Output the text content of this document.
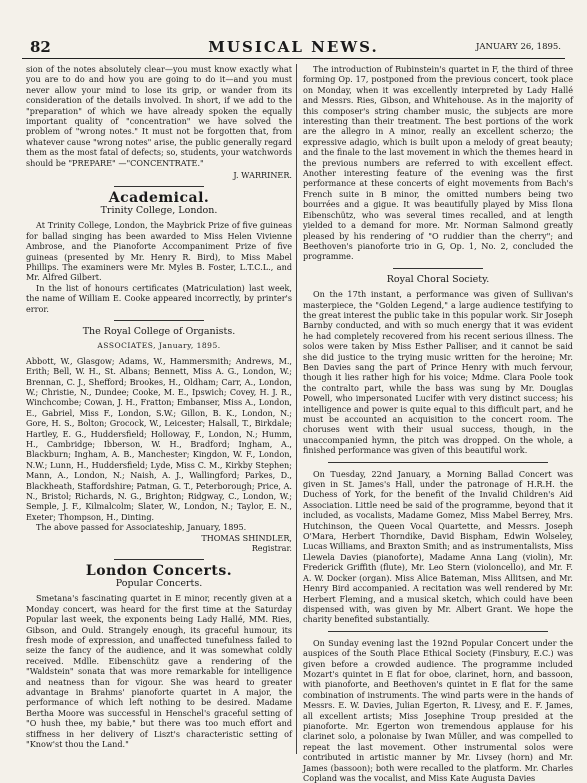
82	MUSICAL NEWS.	JANUARY 26, 1895.

sion of the notes absolutely clear—you must know exactly what you are to do and how you are going to do it—and you must never allow your mind to lose its grip, or wander from its consideration of the details involved. In short, if we add to the "preparation" of which we have already spoken the equally important quality of "concentration" we have solved the problem of "wrong notes." It must not be forgotten that, from whatever cause "wrong notes" arise, the public generally regard them as the most fatal of defects; so, students, your watchwords should be "PREPARE" —"CONCENTRATE."

J. WARRINER.
Academical.
Trinity College, London.

At Trinity College, London, the Maybrick Prize of five guineas for ballad singing has been awarded to Miss Helen Vivienne Ambrose, and the Pianoforte Accompaniment Prize of five guineas (presented by Mr. Henry R. Bird), to Miss Mabel Phillips. The examiners were Mr. Myles B. Foster, L.T.C.L., and Mr. Alfred Gilbert.

In the list of honours certificates (Matriculation) last week, the name of William E. Cooke appeared incorrectly, by printer's error.

The Royal College of Organists.
ASSOCIATES, January, 1895.

Abbott, W., Glasgow; Adams, W., Hammersmith; Andrews, M., Erith; Bell, W. H., St. Albans; Bennett, Miss A. G., London, W.; Brennan, C. J., Shefford; Brookes, H., Oldham; Carr, A., London, W.; Christie, N., Dundee; Cooke, M. E., Ipswich; Covey, H. J. R., Winchcombe; Cowan, J. H., Fratton; Embanser, Miss A., London, E., Gabriel, Miss F., London, S.W.; Gillon, B. K., London, N.; Gore, H. S., Bolton; Grocock, W., Leicester; Halsall, T., Birkdale; Hartley, E. G., Huddersfield; Holloway, F., London, N.; Humm, H., Cambridge; Ibberson, W. H., Bradford; Ingham, A., Blackburn; Ingham, A. B., Manchester; Kingdon, W. F., London, N.W.; Lunn, H., Huddersfield; Lyde, Miss C. M., Kirkby Stephen; Mann, A., London, N.; Naish, A. J., Wallingford; Parkes, D., Blackheath, Staffordshire; Patman, G. T., Peterborough; Price, A. N., Bristol; Richards, N. G., Brighton; Ridgway, C., London, W.; Semple, J. F., Kilmalcolm; Slater, W., London, N.; Taylor, E. N., Exeter; Thompson, H., Dinting.

The above passed for Associateship, January, 1895.

THOMAS SHINDLER,
Registrar.
London Concerts.
Popular Concerts.

Smetana's fascinating quartet in E minor, recently given at a Monday concert, was heard for the first time at the Saturday Popular last week, the exponents being Lady Hallé, MM. Ries, Gibson, and Ould. Strangely enough, its graceful humour, its fresh mode of expression, and unaffected tunefulness failed to seize the fancy of the audience, and it was somewhat coldly received. Mdlle. Eibenschütz gave a rendering of the "Waldstein" sonata that was more remarkable for intelligence and neatness than for vigour. She was heard to greater advantage in Brahms' pianoforte quartet in A major, the performance of which left nothing to be desired. Madame Bertha Moore was successful in Henschel's graceful setting of "O hush thee, my babie," but there was too much effort and stiffness in her delivery of Liszt's characteristic setting of "Know'st thou the Land."

The introduction of Rubinstein's quartet in F, the third of three forming Op. 17, postponed from the previous concert, took place on Monday, when it was excellently interpreted by Lady Hallé and Messrs. Ries, Gibson, and Whitehouse. As in the majority of this composer's string chamber music, the subjects are more interesting than their treatment. The best portions of the work are the allegro in A minor, really an excellent scherzo; the expressive adagio, which is built upon a melody of great beauty; and the finale to the last movement in which the themes heard in the previous numbers are referred to with excellent effect. Another interesting feature of the evening was the first performance at these concerts of eight movements from Bach's French suite in B minor, the omitted numbers being two bourrées and a gigue. It was beautifully played by Miss Ilona Eibenschütz, who was several times recalled, and at length yielded to a demand for more. Mr. Norman Salmond greatly pleased by his rendering of "O ruddier than the cherry"; and Beethoven's pianoforte trio in G, Op. 1, No. 2, concluded the programme.

Royal Choral Society.

On the 17th instant, a performance was given of Sullivan's masterpiece, the "Golden Legend," a large audience testifying to the great interest the public take in this popular work. Sir Joseph Barnby conducted, and with so much energy that it was evident he had completely recovered from his recent serious illness. The solos were taken by Miss Esther Palliser, and it cannot be said she did justice to the trying music written for the heroine; Mr. Ben Davies sang the part of Prince Henry with much fervour, though it lies rather high for his voice; Mdme. Clara Poole took the contralto part, while the bass was sung by Mr. Douglas Powell, who impersonated Lucifer with very distinct success; his intelligence and power is quite equal to this difficult part, and he must be accounted an acquisition to the concert room. The choruses went with their usual success, though, in the unaccompanied hymn, the pitch was dropped. On the whole, a finished performance was given of this beautiful work.

On Tuesday, 22nd January, a Morning Ballad Concert was given in St. James's Hall, under the patronage of H.R.H. the Duchess of York, for the benefit of the Invalid Children's Aid Association. Little need be said of the programme, beyond that it included, as vocalists, Madame Gomez, Miss Mabel Berrey, Mrs. Hutchinson, the Queen Vocal Quartette, and Messrs. Joseph O'Mara, Herbert Thorndike, David Bispham, Edwin Wolseley, Lucas Williams, and Braxton Smith; and as instrumentalists, Miss Llewela Davies (pianoforte), Madame Anna Lang (violin), Mr. Frederick Griffith (flute), Mr. Leo Stern (violoncello), and Mr. F. A. W. Docker (organ). Miss Alice Bateman, Miss Allitsen, and Mr. Henry Bird accompanied. A recitation was well rendered by Mr. Herbert Fleming, and a musical sketch, which could have been dispensed with, was given by Mr. Albert Grant. We hope the charity benefited substantially.

On Sunday evening last the 192nd Popular Concert under the auspices of the South Place Ethical Society (Finsbury, E.C.) was given before a crowded audience. The programme included Mozart's quintet in E flat for oboe, clarinet, horn, and bassoon, with pianoforte, and Beethoven's quintet in E flat for the same combination of instruments. The wind parts were in the hands of Messrs. E. W. Davies, Julian Egerton, R. Livesy, and E. F. James, all excellent artists; Miss Josephine Troup presided at the pianoforte. Mr. Egerton won tremendous applause for his clarinet solo, a polonaise by Iwan Müller, and was compelled to repeat the last movement. Other instrumental solos were contributed in artistic manner by Mr. Livsey (horn) and Mr. James (bassoon); both were recalled to the platform. Mr. Charles Copland was the vocalist, and Miss Kate Augusta Davies
